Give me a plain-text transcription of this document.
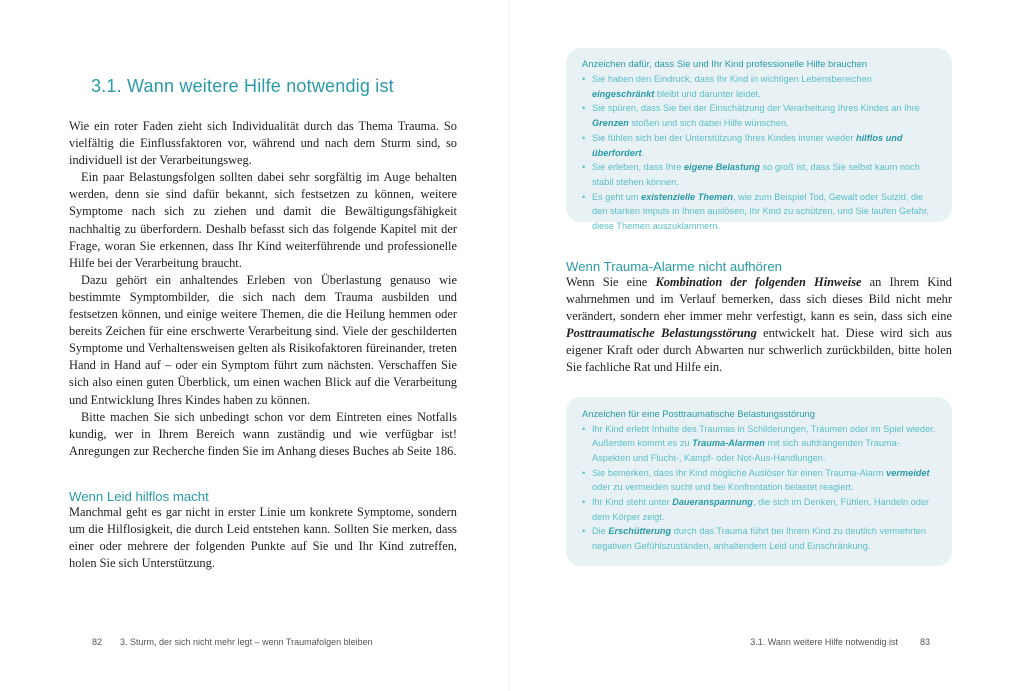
3.1. Wann weitere Hilfe notwendig ist

Wie ein roter Faden zieht sich Individualität durch das Thema Trauma. So vielfältig die Einflussfaktoren vor, während und nach dem Sturm sind, so individuell ist der Verarbeitungsweg.

Ein paar Belastungsfolgen sollten dabei sehr sorgfältig im Auge behalten werden, denn sie sind dafür bekannt, sich festsetzen zu können, weitere Symptome nach sich zu ziehen und damit die Bewältigungsfähigkeit nachhaltig zu überfordern. Deshalb befasst sich das folgende Kapitel mit der Frage, woran Sie erkennen, dass Ihr Kind weiterführende und professionelle Hilfe bei der Verarbeitung braucht.

Dazu gehört ein anhaltendes Erleben von Überlastung genauso wie bestimmte Symptombilder, die sich nach dem Trauma ausbilden und festsetzen können, und einige weitere Themen, die die Heilung hemmen oder bereits Zeichen für eine erschwerte Verarbeitung sind. Viele der geschilderten Symptome und Verhaltensweisen gelten als Risikofaktoren füreinander, treten Hand in Hand auf – oder ein Symptom führt zum nächsten. Verschaffen Sie sich also einen guten Überblick, um einen wachen Blick auf die Verarbeitung und Entwicklung Ihres Kindes haben zu können.

Bitte machen Sie sich unbedingt schon vor dem Eintreten eines Notfalls kundig, wer in Ihrem Bereich wann zuständig und wie verfügbar ist! Anregungen zur Recherche finden Sie im Anhang dieses Buches ab Seite 186.

Wenn Leid hilflos macht

Manchmal geht es gar nicht in erster Linie um konkrete Symptome, sondern um die Hilflosigkeit, die durch Leid entstehen kann. Sollten Sie merken, dass einer oder mehrere der folgenden Punkte auf Sie und Ihr Kind zutreffen, holen Sie sich Unterstützung.

Anzeichen dafür, dass Sie und Ihr Kind professionelle Hilfe brauchen
• Sie haben den Eindruck, dass Ihr Kind in wichtigen Lebensbereichen eingeschränkt bleibt und darunter leidet.
• Sie spüren, dass Sie bei der Einschätzung der Verarbeitung Ihres Kindes an Ihre Grenzen stoßen und sich dabei Hilfe wünschen.
• Sie fühlen sich bei der Unterstützung Ihres Kindes immer wieder hilflos und überfordert.
• Sie erleben, dass Ihre eigene Belastung so groß ist, dass Sie selbst kaum noch stabil stehen können.
• Es geht um existenzielle Themen, wie zum Beispiel Tod, Gewalt oder Suizid, die den starken Impuls in Ihnen auslösen, Ihr Kind zu schützen, und Sie laufen Gefahr, diese Themen auszuklammern.
Wenn Trauma-Alarme nicht aufhören

Wenn Sie eine Kombination der folgenden Hinweise an Ihrem Kind wahrnehmen und im Verlauf bemerken, dass sich dieses Bild nicht mehr verändert, sondern eher immer mehr verfestigt, kann es sein, dass sich eine Posttraumatische Belastungsstörung entwickelt hat. Diese wird sich aus eigener Kraft oder durch Abwarten nur schwerlich zurückbilden, bitte holen Sie fachliche Rat und Hilfe ein.

Anzeichen für eine Posttraumatische Belastungsstörung
• Ihr Kind erlebt Inhalte des Traumas in Schilderungen, Träumen oder im Spiel wieder. Außerdem kommt es zu Trauma-Alarmen mit sich aufdrängenden Trauma-Aspekten und Flucht-, Kampf- oder Not-Aus-Handlungen.
• Sie bemerken, dass Ihr Kind mögliche Auslöser für einen Trauma-Alarm vermeidet oder zu vermeiden sucht und bei Konfrontation belastet reagiert.
• Ihr Kind steht unter Daueranspannung, die sich im Denken, Fühlen, Handeln oder dem Körper zeigt.
• Die Erschütterung durch das Trauma führt bei Ihrem Kind zu deutlich vermehrten negativen Gefühlszuständen, anhaltendem Leid und Einschränkung.
82 3. Sturm, der sich nicht mehr legt – wenn Traumafolgen bleiben	3.1. Wann weitere Hilfe notwendig ist 83
